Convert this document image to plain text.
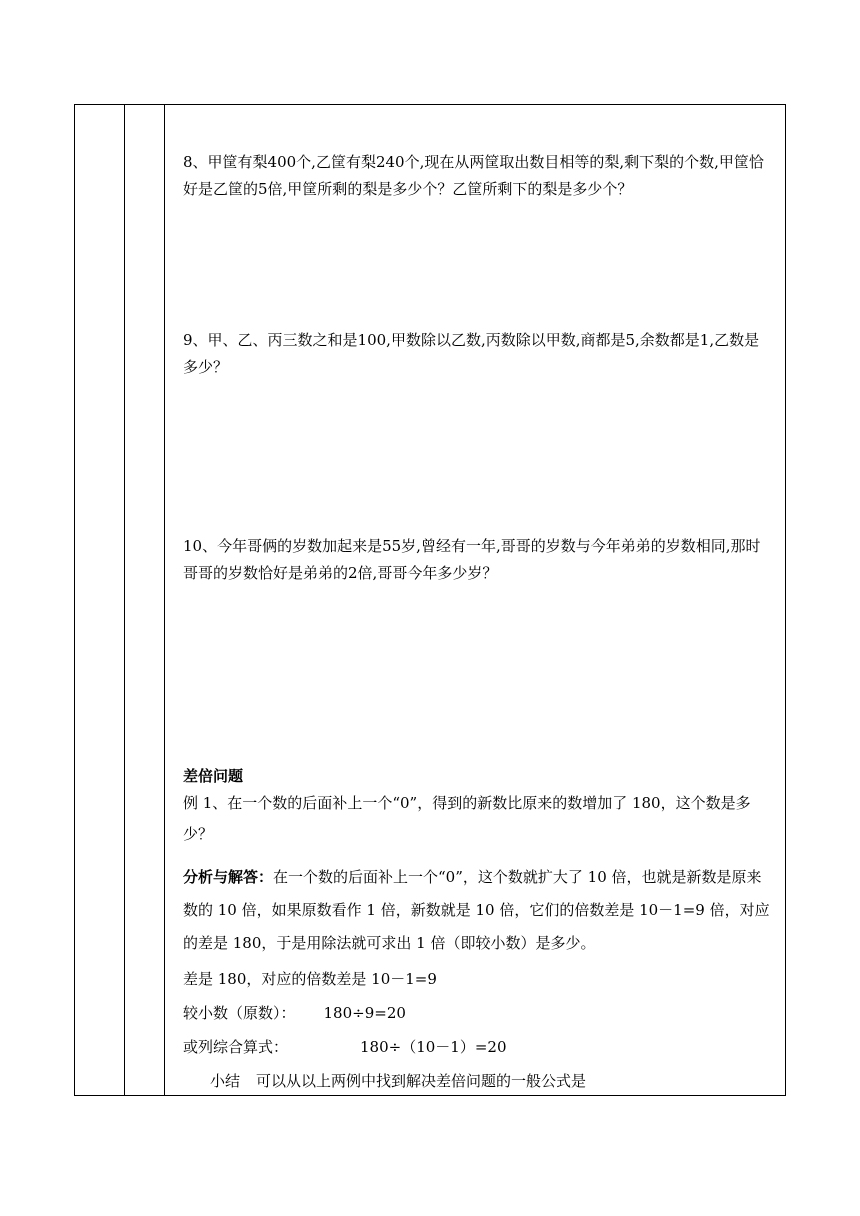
8、甲筐有梨400个,乙筐有梨240个,现在从两筐取出数目相等的梨,剩下梨的个数,甲筐恰好是乙筐的5倍,甲筐所剩的梨是多少个？乙筐所剩下的梨是多少个？

9、甲、乙、丙三数之和是100,甲数除以乙数,丙数除以甲数,商都是5,余数都是1,乙数是多少？

10、今年哥俩的岁数加起来是55岁,曾经有一年,哥哥的岁数与今年弟弟的岁数相同,那时哥哥的岁数恰好是弟弟的2倍,哥哥今年多少岁？

差倍问题

例 1、在一个数的后面补上一个“0”，得到的新数比原来的数增加了 180，这个数是多少？

分析与解答：在一个数的后面补上一个“0”，这个数就扩大了 10 倍，也就是新数是原来数的 10 倍，如果原数看作 1 倍，新数就是 10 倍，它们的倍数差是 10－1=9 倍，对应的差是 180，于是用除法就可求出 1 倍（即较小数）是多少。

差是 180，对应的倍数差是 10－1=9
较小数（原数）： 180÷9=20
或列综合算式：	180÷（10－1）=20
小结 可以从以上两例中找到解决差倍问题的一般公式是
